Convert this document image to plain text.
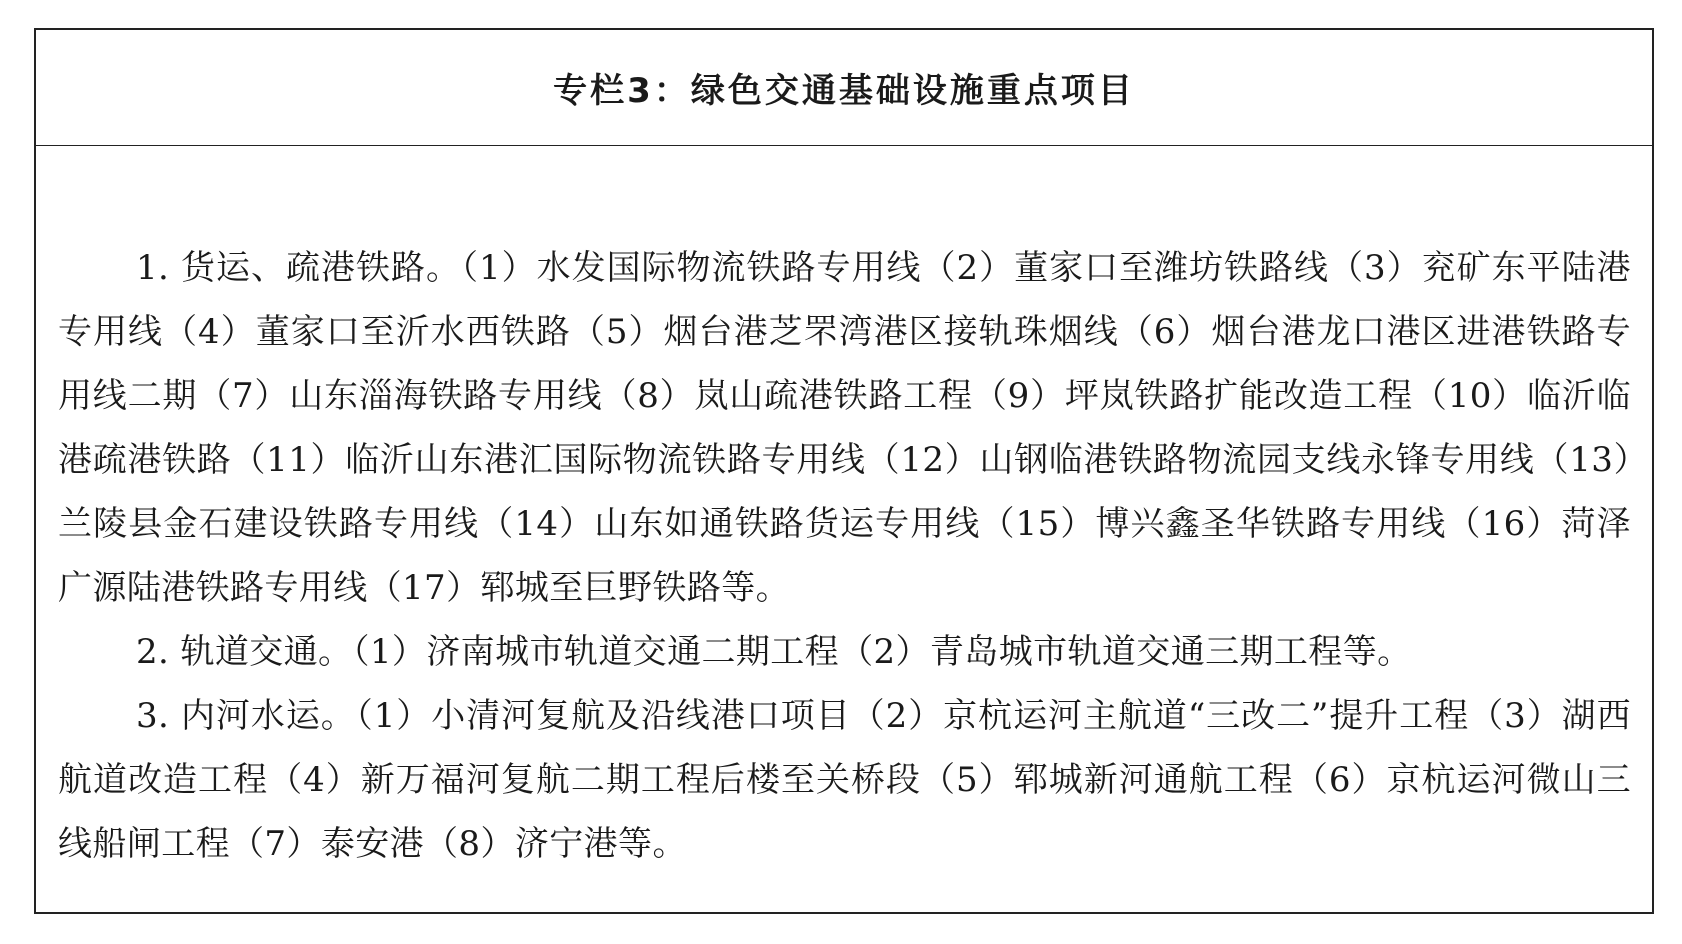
专栏3：绿色交通基础设施重点项目

1. 货运、疏港铁路。（1）水发国际物流铁路专用线（2）董家口至潍坊铁路线（3）兖矿东平陆港专用线（4）董家口至沂水西铁路（5）烟台港芝罘湾港区接轨珠烟线（6）烟台港龙口港区进港铁路专用线二期（7）山东淄海铁路专用线（8）岚山疏港铁路工程（9）坪岚铁路扩能改造工程（10）临沂临港疏港铁路（11）临沂山东港汇国际物流铁路专用线（12）山钢临港铁路物流园支线永锋专用线（13）兰陵县金石建设铁路专用线（14）山东如通铁路货运专用线（15）博兴鑫圣华铁路专用线（16）菏泽广源陆港铁路专用线（17）郓城至巨野铁路等。

2. 轨道交通。（1）济南城市轨道交通二期工程（2）青岛城市轨道交通三期工程等。

3. 内河水运。（1）小清河复航及沿线港口项目（2）京杭运河主航道“三改二”提升工程（3）湖西航道改造工程（4）新万福河复航二期工程后楼至关桥段（5）郓城新河通航工程（6）京杭运河微山三线船闸工程（7）泰安港（8）济宁港等。
